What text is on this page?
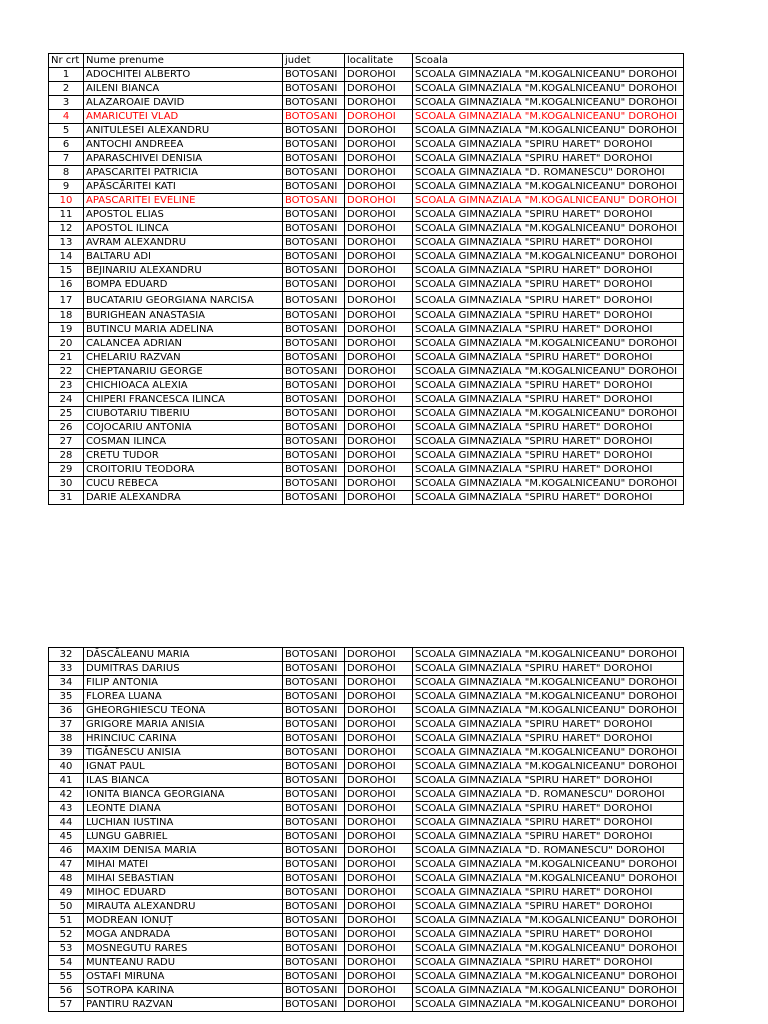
Nr crt	Nume prenume	judet	localitate	Scoala
1	ADOCHITEI ALBERTO	BOTOSANI	DOROHOI	SCOALA GIMNAZIALA "M.KOGALNICEANU" DOROHOI
2	AILENI BIANCA	BOTOSANI	DOROHOI	SCOALA GIMNAZIALA "M.KOGALNICEANU" DOROHOI
3	ALAZAROAIE DAVID	BOTOSANI	DOROHOI	SCOALA GIMNAZIALA "M.KOGALNICEANU" DOROHOI
4	AMARICUTEI VLAD	BOTOSANI	DOROHOI	SCOALA GIMNAZIALA "M.KOGALNICEANU" DOROHOI
5	ANITULESEI ALEXANDRU	BOTOSANI	DOROHOI	SCOALA GIMNAZIALA "M.KOGALNICEANU" DOROHOI
6	ANTOCHI ANDREEA	BOTOSANI	DOROHOI	SCOALA GIMNAZIALA "SPIRU HARET" DOROHOI
7	APARASCHIVEI DENISIA	BOTOSANI	DOROHOI	SCOALA GIMNAZIALA "SPIRU HARET" DOROHOI
8	APASCARITEI PATRICIA	BOTOSANI	DOROHOI	SCOALA GIMNAZIALA "D. ROMANESCU" DOROHOI
9	APĂSCĂRITEI KATI	BOTOSANI	DOROHOI	SCOALA GIMNAZIALA "M.KOGALNICEANU" DOROHOI
10	APASCARITEI EVELINE	BOTOSANI	DOROHOI	SCOALA GIMNAZIALA "M.KOGALNICEANU" DOROHOI
11	APOSTOL ELIAS	BOTOSANI	DOROHOI	SCOALA GIMNAZIALA "SPIRU HARET" DOROHOI
12	APOSTOL ILINCA	BOTOSANI	DOROHOI	SCOALA GIMNAZIALA "M.KOGALNICEANU" DOROHOI
13	AVRAM ALEXANDRU	BOTOSANI	DOROHOI	SCOALA GIMNAZIALA "SPIRU HARET" DOROHOI
14	BALTARU ADI	BOTOSANI	DOROHOI	SCOALA GIMNAZIALA "M.KOGALNICEANU" DOROHOI
15	BEJINARIU ALEXANDRU	BOTOSANI	DOROHOI	SCOALA GIMNAZIALA "SPIRU HARET" DOROHOI
16	BOMPA EDUARD	BOTOSANI	DOROHOI	SCOALA GIMNAZIALA "SPIRU HARET" DOROHOI
17	BUCATARIU GEORGIANA NARCISA	BOTOSANI	DOROHOI	SCOALA GIMNAZIALA "SPIRU HARET" DOROHOI
18	BURIGHEAN ANASTASIA	BOTOSANI	DOROHOI	SCOALA GIMNAZIALA "SPIRU HARET" DOROHOI
19	BUTINCU MARIA ADELINA	BOTOSANI	DOROHOI	SCOALA GIMNAZIALA "SPIRU HARET" DOROHOI
20	CALANCEA ADRIAN	BOTOSANI	DOROHOI	SCOALA GIMNAZIALA "M.KOGALNICEANU" DOROHOI
21	CHELARIU RAZVAN	BOTOSANI	DOROHOI	SCOALA GIMNAZIALA "SPIRU HARET" DOROHOI
22	CHEPTANARIU GEORGE	BOTOSANI	DOROHOI	SCOALA GIMNAZIALA "M.KOGALNICEANU" DOROHOI
23	CHICHIOACA ALEXIA	BOTOSANI	DOROHOI	SCOALA GIMNAZIALA "SPIRU HARET" DOROHOI
24	CHIPERI FRANCESCA ILINCA	BOTOSANI	DOROHOI	SCOALA GIMNAZIALA "SPIRU HARET" DOROHOI
25	CIUBOTARIU TIBERIU	BOTOSANI	DOROHOI	SCOALA GIMNAZIALA "M.KOGALNICEANU" DOROHOI
26	COJOCARIU ANTONIA	BOTOSANI	DOROHOI	SCOALA GIMNAZIALA "SPIRU HARET" DOROHOI
27	COSMAN ILINCA	BOTOSANI	DOROHOI	SCOALA GIMNAZIALA "SPIRU HARET" DOROHOI
28	CRETU TUDOR	BOTOSANI	DOROHOI	SCOALA GIMNAZIALA "SPIRU HARET" DOROHOI
29	CROITORIU TEODORA	BOTOSANI	DOROHOI	SCOALA GIMNAZIALA "SPIRU HARET" DOROHOI
30	CUCU REBECA	BOTOSANI	DOROHOI	SCOALA GIMNAZIALA "M.KOGALNICEANU" DOROHOI
31	DARIE ALEXANDRA	BOTOSANI	DOROHOI	SCOALA GIMNAZIALA "SPIRU HARET" DOROHOI
32	DĂSCĂLEANU MARIA	BOTOSANI	DOROHOI	SCOALA GIMNAZIALA "M.KOGALNICEANU" DOROHOI
33	DUMITRAS DARIUS	BOTOSANI	DOROHOI	SCOALA GIMNAZIALA "SPIRU HARET" DOROHOI
34	FILIP ANTONIA	BOTOSANI	DOROHOI	SCOALA GIMNAZIALA "M.KOGALNICEANU" DOROHOI
35	FLOREA LUANA	BOTOSANI	DOROHOI	SCOALA GIMNAZIALA "M.KOGALNICEANU" DOROHOI
36	GHEORGHIESCU TEONA	BOTOSANI	DOROHOI	SCOALA GIMNAZIALA "M.KOGALNICEANU" DOROHOI
37	GRIGORE MARIA ANISIA	BOTOSANI	DOROHOI	SCOALA GIMNAZIALA "SPIRU HARET" DOROHOI
38	HRINCIUC CARINA	BOTOSANI	DOROHOI	SCOALA GIMNAZIALA "SPIRU HARET" DOROHOI
39	TIGĂNESCU ANISIA	BOTOSANI	DOROHOI	SCOALA GIMNAZIALA "M.KOGALNICEANU" DOROHOI
40	IGNAT PAUL	BOTOSANI	DOROHOI	SCOALA GIMNAZIALA "M.KOGALNICEANU" DOROHOI
41	ILAS BIANCA	BOTOSANI	DOROHOI	SCOALA GIMNAZIALA "SPIRU HARET" DOROHOI
42	IONITA BIANCA GEORGIANA	BOTOSANI	DOROHOI	SCOALA GIMNAZIALA "D. ROMANESCU" DOROHOI
43	LEONTE DIANA	BOTOSANI	DOROHOI	SCOALA GIMNAZIALA "SPIRU HARET" DOROHOI
44	LUCHIAN IUSTINA	BOTOSANI	DOROHOI	SCOALA GIMNAZIALA "SPIRU HARET" DOROHOI
45	LUNGU GABRIEL	BOTOSANI	DOROHOI	SCOALA GIMNAZIALA "SPIRU HARET" DOROHOI
46	MAXIM DENISA MARIA	BOTOSANI	DOROHOI	SCOALA GIMNAZIALA "D. ROMANESCU" DOROHOI
47	MIHAI MATEI	BOTOSANI	DOROHOI	SCOALA GIMNAZIALA "M.KOGALNICEANU" DOROHOI
48	MIHAI SEBASTIAN	BOTOSANI	DOROHOI	SCOALA GIMNAZIALA "M.KOGALNICEANU" DOROHOI
49	MIHOC EDUARD	BOTOSANI	DOROHOI	SCOALA GIMNAZIALA "SPIRU HARET" DOROHOI
50	MIRAUTA ALEXANDRU	BOTOSANI	DOROHOI	SCOALA GIMNAZIALA "SPIRU HARET" DOROHOI
51	MODREAN IONUȚ	BOTOSANI	DOROHOI	SCOALA GIMNAZIALA "M.KOGALNICEANU" DOROHOI
52	MOGA ANDRADA	BOTOSANI	DOROHOI	SCOALA GIMNAZIALA "SPIRU HARET" DOROHOI
53	MOSNEGUTU RARES	BOTOSANI	DOROHOI	SCOALA GIMNAZIALA "M.KOGALNICEANU" DOROHOI
54	MUNTEANU RADU	BOTOSANI	DOROHOI	SCOALA GIMNAZIALA "SPIRU HARET" DOROHOI
55	OSTAFI MIRUNA	BOTOSANI	DOROHOI	SCOALA GIMNAZIALA "M.KOGALNICEANU" DOROHOI
56	SOTROPA KARINA	BOTOSANI	DOROHOI	SCOALA GIMNAZIALA "M.KOGALNICEANU" DOROHOI
57	PANTIRU RAZVAN	BOTOSANI	DOROHOI	SCOALA GIMNAZIALA "M.KOGALNICEANU" DOROHOI
